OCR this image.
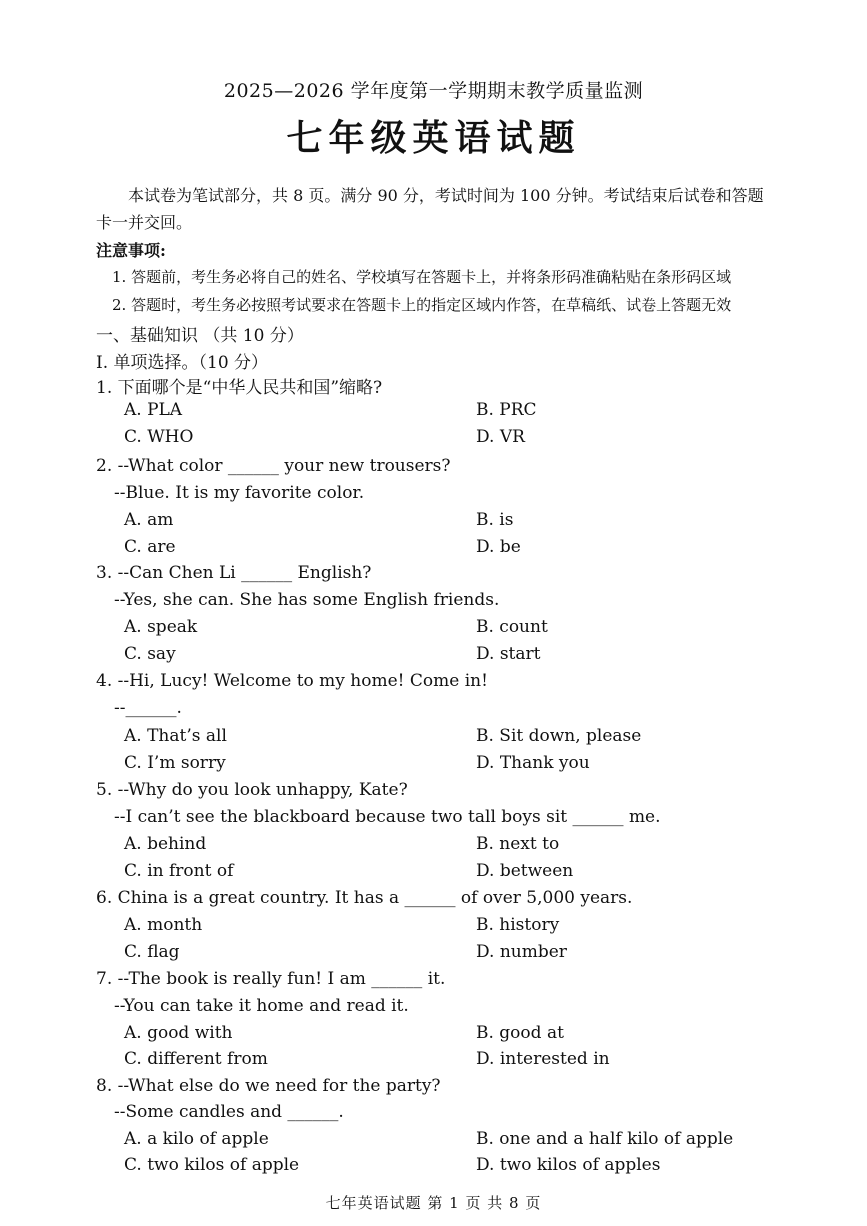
2025—2026 学年度第一学期期末教学质量监测
七年级英语试题
本试卷为笔试部分，共 8 页。满分 90 分，考试时间为 100 分钟。考试结束后试卷和答题卡一并交回。
注意事项:
1. 答题前，考生务必将自己的姓名、学校填写在答题卡上，并将条形码准确粘贴在条形码区域
2. 答题时，考生务必按照考试要求在答题卡上的指定区域内作答，在草稿纸、试卷上答题无效
一、基础知识 （共 10 分）
I. 单项选择。（10 分）
1. 下面哪个是“中华人民共和国”缩略?
A. PLA	B. PRC
C. WHO	D. VR
2. --What color ______ your new trousers?
--Blue. It is my favorite color.
A. am	B. is
C. are	D. be
3. --Can Chen Li ______ English?
--Yes, she can. She has some English friends.
A. speak	B. count
C. say	D. start
4. --Hi, Lucy! Welcome to my home! Come in!
--______.
A. That’s all	B. Sit down, please
C. I’m sorry	D. Thank you
5. --Why do you look unhappy, Kate?
--I can’t see the blackboard because two tall boys sit ______ me.
A. behind	B. next to
C. in front of	D. between
6. China is a great country. It has a ______ of over 5,000 years.
A. month	B. history
C. flag	D. number
7. --The book is really fun! I am ______ it.
--You can take it home and read it.
A. good with	B. good at
C. different from	D. interested in
8. --What else do we need for the party?
--Some candles and ______.
A. a kilo of apple	B. one and a half kilo of apple
C. two kilos of apple	D. two kilos of apples
七年英语试题 第 1 页 共 8 页
